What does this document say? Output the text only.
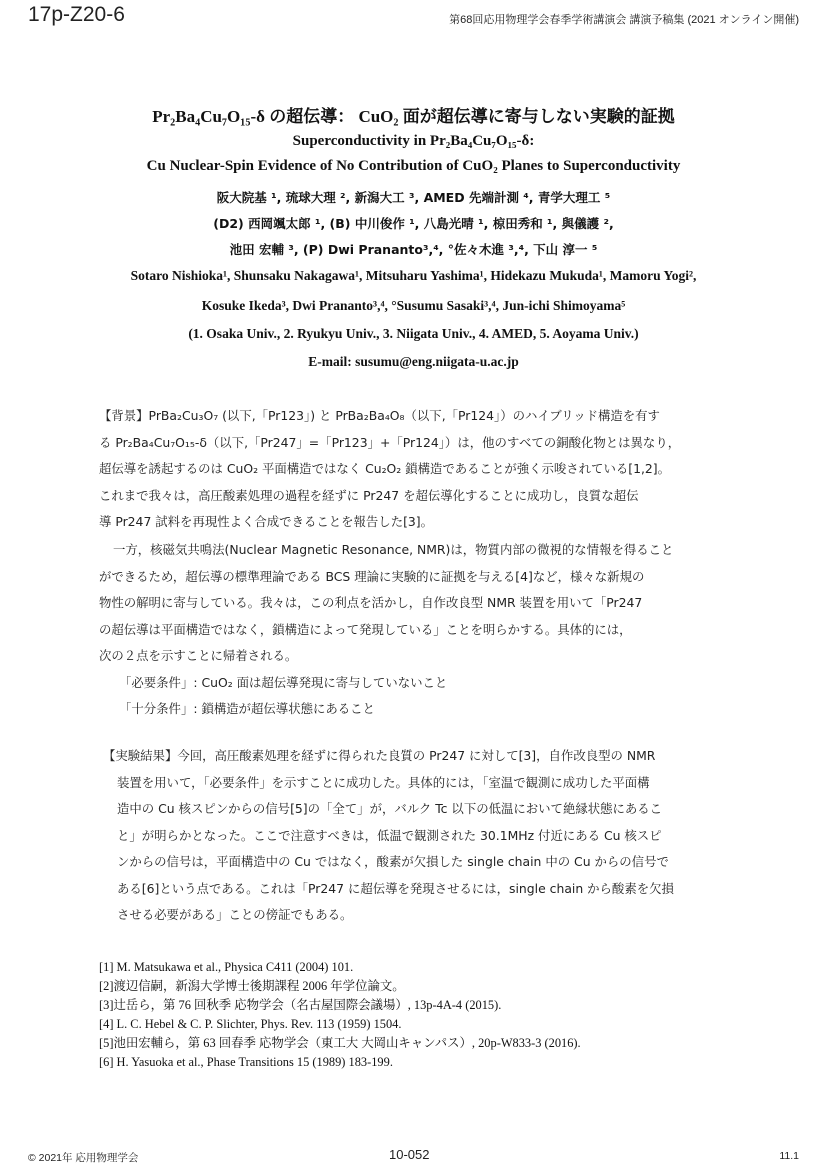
17p-Z20-6	第68回応用物理学会春季学術講演会 講演予稿集 (2021 オンライン開催)
Pr₂Ba₄Cu₇O₁₅-δ の超伝導： CuO₂ 面が超伝導に寄与しない実験的証拠
Superconductivity in Pr₂Ba₄Cu₇O₁₅-δ:
Cu Nuclear-Spin Evidence of No Contribution of CuO₂ Planes to Superconductivity
阪大院基 ¹, 琉球大理 ², 新潟大工 ³, AMED 先端計測 ⁴, 青学大理工 ⁵
(D2) 西岡颯太郎 ¹, (B) 中川俊作 ¹, 八島光晴 ¹, 椋田秀和 ¹, 與儀護 ²,
池田 宏輔 ³, (P) Dwi Prananto³,⁴, °佐々木進 ³,⁴, 下山 淳一 ⁵
Sotaro Nishioka¹, Shunsaku Nakagawa¹, Mitsuharu Yashima¹, Hidekazu Mukuda¹, Mamoru Yogi²,
Kosuke Ikeda³, Dwi Prananto³,⁴, °Susumu Sasaki³,⁴, Jun-ichi Shimoyama⁵
(1. Osaka Univ., 2. Ryukyu Univ., 3. Niigata Univ., 4. AMED, 5. Aoyama Univ.)
E-mail: susumu@eng.niigata-u.ac.jp
【背景】PrBa₂Cu₃O₇ (以下,「Pr123」) と PrBa₂Ba₄O₈（以下,「Pr124」）のハイブリッド構造を有す
る Pr₂Ba₄Cu₇O₁₅-δ（以下,「Pr247」=「Pr123」+「Pr124」）は，他のすべての銅酸化物とは異なり，
超伝導を誘起するのは CuO₂ 平面構造ではなく Cu₂O₂ 鎖構造であることが強く示唆されている[1,2]。
これまで我々は，高圧酸素処理の過程を経ずに Pr247 を超伝導化することに成功し，良質な超伝
導 Pr247 試料を再現性よく合成できることを報告した[3]。
一方，核磁気共鳴法(Nuclear Magnetic Resonance, NMR)は，物質内部の微視的な情報を得ること
ができるため，超伝導の標準理論である BCS 理論に実験的に証拠を与える[4]など，様々な新規の
物性の解明に寄与している。我々は，この利点を活かし，自作改良型 NMR 装置を用いて「Pr247
の超伝導は平面構造ではなく，鎖構造によって発現している」ことを明らかする。具体的には，
次の２点を示すことに帰着される。
「必要条件」: CuO₂ 面は超伝導発現に寄与していないこと
「十分条件」: 鎖構造が超伝導状態にあること
【実験結果】今回，高圧酸素処理を経ずに得られた良質の Pr247 に対して[3]，自作改良型の NMR
装置を用いて，「必要条件」を示すことに成功した。具体的には，「室温で観測に成功した平面構
造中の Cu 核スピンからの信号[5]の「全て」が，バルク Tc 以下の低温において絶縁状態にあるこ
と」が明らかとなった。ここで注意すべきは，低温で観測された 30.1MHz 付近にある Cu 核スピ
ンからの信号は，平面構造中の Cu ではなく，酸素が欠損した single chain 中の Cu からの信号で
ある[6]という点である。これは「Pr247 に超伝導を発現させるには，single chain から酸素を欠損
させる必要がある」ことの傍証でもある。
[1] M. Matsukawa et al., Physica C411 (2004) 101.
[2]渡辺信嗣，新潟大学博士後期課程 2006 年学位論文。
[3]辻岳ら，第 76 回秋季 応物学会（名古屋国際会議場）, 13p-4A-4 (2015).
[4] L. C. Hebel & C. P. Slichter, Phys. Rev. 113 (1959) 1504.
[5]池田宏輔ら，第 63 回春季 応物学会（東工大 大岡山キャンパス）, 20p-W833-3 (2016).
[6] H. Yasuoka et al., Phase Transitions 15 (1989) 183-199.
© 2021年 応用物理学会	10-052	11.1
